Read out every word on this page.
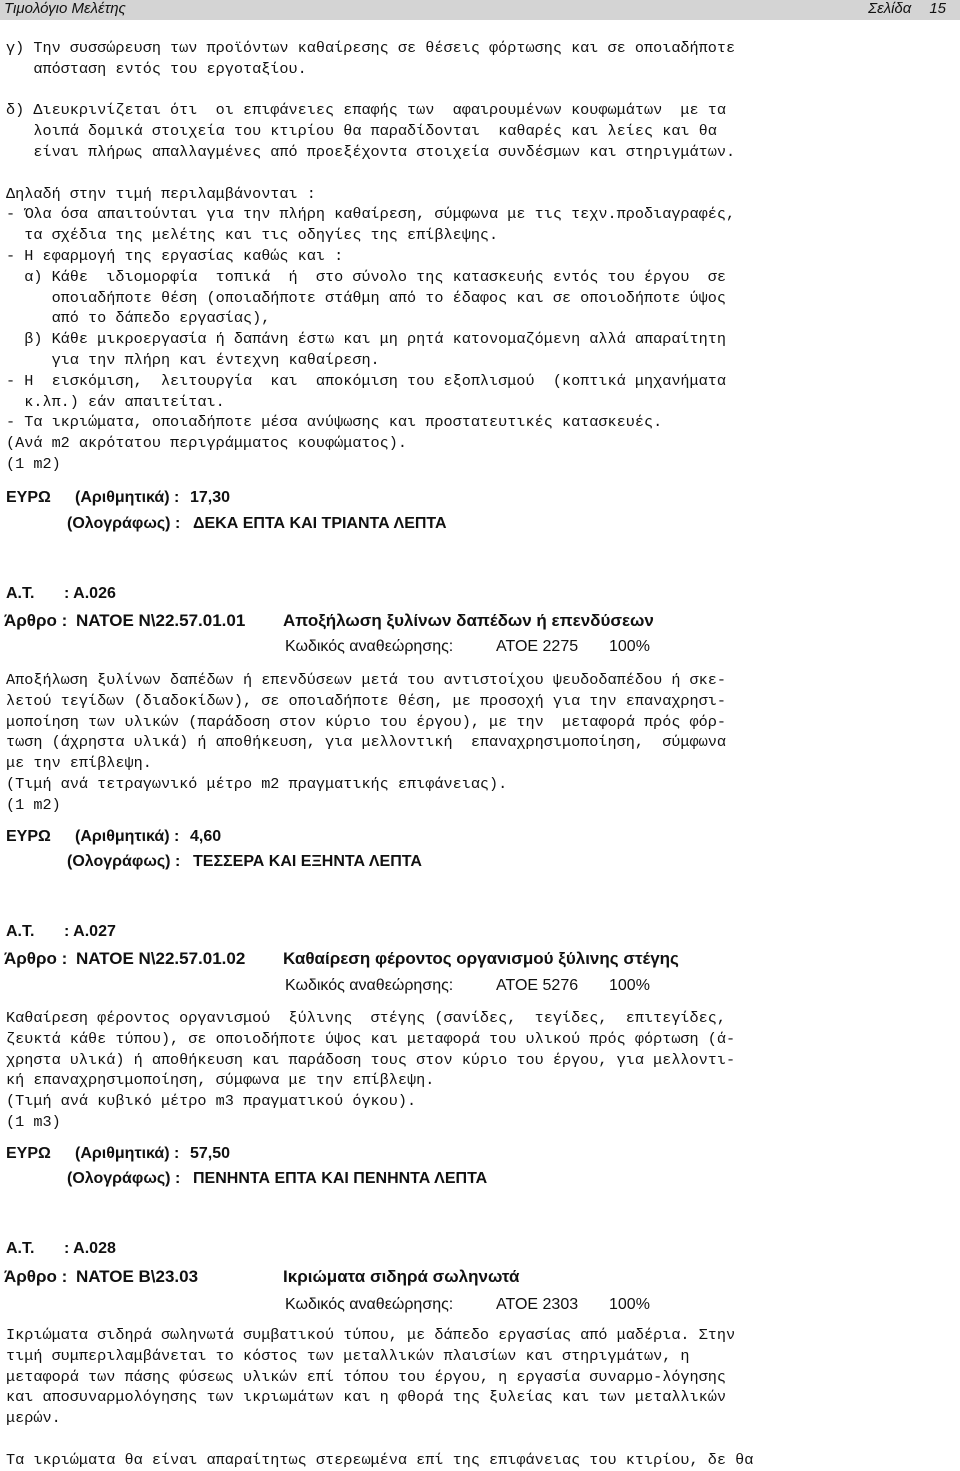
Τιμολόγιο Μελέτης	Σελίδα 15
γ) Την συσσώρευση των προϊόντων καθαίρεσης σε θέσεις φόρτωσης και σε οποιαδήποτε
απόσταση εντός του εργοταξίου.

δ) Διευκρινίζεται ότι  οι επιφάνειες επαφής των  αφαιρουμένων κουφωμάτων  με τα
λοιπά δομικά στοιχεία του κτιρίου θα παραδίδονται  καθαρές και λείες και θα
είναι πλήρως απαλλαγμένες από προεξέχοντα στοιχεία συνδέσμων και στηριγμάτων.

Δηλαδή στην τιμή περιλαμβάνονται :
- Όλα όσα απαιτούνται για την πλήρη καθαίρεση, σύμφωνα με τις τεχν.προδιαγραφές,
τα σχέδια της μελέτης και τις οδηγίες της επίβλεψης.
- Η εφαρμογή της εργασίας καθώς και :
α) Κάθε  ιδιομορφία  τοπικά  ή  στο σύνολο της κατασκευής εντός του έργου  σε
οποιαδήποτε θέση (οποιαδήποτε στάθμη από το έδαφος και σε οποιοδήποτε ύψος
από το δάπεδο εργασίας),
β) Κάθε μικροεργασία ή δαπάνη έστω και μη ρητά κατονομαζόμενη αλλά απαραίτητη
για την πλήρη και έντεχνη καθαίρεση.
- Η  εισκόμιση,  λειτουργία  και  αποκόμιση του εξοπλισμού  (κοπτικά μηχανήματα
κ.λπ.) εάν απαιτείται.
- Τα ικριώματα, οποιαδήποτε μέσα ανύψωσης και προστατευτικές κατασκευές.
(Ανά m2 ακρότατου περιγράμματος κουφώματος).
(1 m2)
ΕΥΡΩ (Αριθμητικά) : 17,30
(Ολογράφως) : ΔΕΚΑ ΕΠΤΑ ΚΑΙ ΤΡΙΑΝΤΑ ΛΕΠΤΑ
Α.Τ. : Α.026
Άρθρο : ΝΑΤΟΕ Ν\22.57.01.01 Αποξήλωση ξυλίνων δαπέδων ή επενδύσεων
Κωδικός αναθεώρησης:	ΑΤΟΕ 2275 100%
Αποξήλωση ξυλίνων δαπέδων ή επενδύσεων μετά του αντιστοίχου ψευδοδαπέδου ή σκε-
λετού τεγίδων (διαδοκίδων), σε οποιαδήποτε θέση, με προσοχή για την επαναχρησι-
μοποίηση των υλικών (παράδοση στον κύριο του έργου), με την  μεταφορά πρός φόρ-
τωση (άχρηστα υλικά) ή αποθήκευση, για μελλοντική  επαναχρησιμοποίηση,  σύμφωνα
με την επίβλεψη.
(Τιμή ανά τετραγωνικό μέτρο m2 πραγματικής επιφάνειας).
(1 m2)
ΕΥΡΩ (Αριθμητικά) : 4,60
(Ολογράφως) : ΤΕΣΣΕΡΑ ΚΑΙ ΕΞΗΝΤΑ ΛΕΠΤΑ
Α.Τ. : Α.027
Άρθρο : ΝΑΤΟΕ Ν\22.57.01.02 Καθαίρεση φέροντος οργανισμού ξύλινης στέγης
Κωδικός αναθεώρησης:	ΑΤΟΕ 5276 100%
Καθαίρεση φέροντος οργανισμού  ξύλινης  στέγης (σανίδες,  τεγίδες,  επιτεγίδες,
ζευκτά κάθε τύπου), σε οποιοδήποτε ύψος και μεταφορά του υλικού πρός φόρτωση (ά-
χρηστα υλικά) ή αποθήκευση και παράδοση τους στον κύριο του έργου, για μελλοντι-
κή επαναχρησιμοποίηση, σύμφωνα με την επίβλεψη.
(Τιμή ανά κυβικό μέτρο m3 πραγματικού όγκου).
(1 m3)
ΕΥΡΩ (Αριθμητικά) : 57,50
(Ολογράφως) : ΠΕΝΗΝΤΑ ΕΠΤΑ ΚΑΙ ΠΕΝΗΝΤΑ ΛΕΠΤΑ
Α.Τ. : Α.028
Άρθρο : ΝΑΤΟΕ Β\23.03	Ικριώματα σιδηρά σωληνωτά
Κωδικός αναθεώρησης:	ΑΤΟΕ 2303 100%
Ικριώματα σιδηρά σωληνωτά συμβατικού τύπου, με δάπεδο εργασίας από μαδέρια. Στην
τιμή συμπεριλαμβάνεται το κόστος των μεταλλικών πλαισίων και στηριγμάτων, η
μεταφορά των πάσης φύσεως υλικών επί τόπου του έργου, η εργασία συναρμο-λόγησης
και αποσυναρμολόγησης των ικριωμάτων και η φθορά της ξυλείας και των μεταλλικών
μερών.

Τα ικριώματα θα είναι απαραίτητως στερεωμένα επί της επιφάνειας του κτιρίου, δε θα
